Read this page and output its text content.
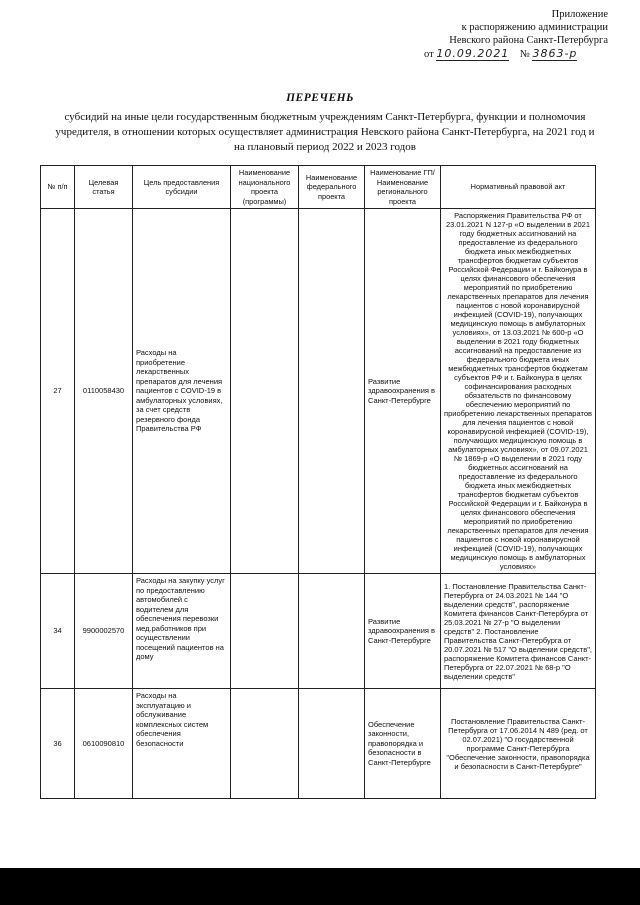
Приложение
к распоряжению администрации
Невского района Санкт-Петербурга
от 10.09.2021 № 3863-р
ПЕРЕЧЕНЬ
субсидий на иные цели государственным бюджетным учреждениям Санкт-Петербурга, функции и полномочия учредителя, в отношении которых осуществляет администрация Невского района Санкт-Петербурга, на 2021 год и на плановый период 2022 и 2023 годов
№ п/п	Целевая статья	Цель предоставления субсидии	Наименование национального проекта (программы)	Наименование федерального проекта	Наименование ГП/Наименование регионального проекта	Нормативный правовой акт
27	0110058430	Расходы на приобретение лекарственных препаратов для лечения пациентов с COVID-19 в амбулаторных условиях, за счет средств резервного фонда Правительства РФ			Развитие здравоохранения в Санкт-Петербурге	Распоряжения Правительства РФ от 23.01.2021 N 127-р «О выделении в 2021 году бюджетных ассигнований на предоставление из федерального бюджета иных межбюджетных трансфертов бюджетам субъектов Российской Федерации и г. Байконура в целях финансового обеспечения мероприятий по приобретению лекарственных препаратов для лечения пациентов с новой коронавирусной инфекцией (COVID-19), получающих медицинскую помощь в амбулаторных условиях», от 13.03.2021 № 600-р «О выделении в 2021 году бюджетных ассигнований на предоставление из федерального бюджета иных межбюджетных трансфертов бюджетам субъектов РФ и г. Байконура в целях софинансирования расходных обязательств по финансовому обеспечению мероприятий по приобретению лекарственных препаратов для лечения пациентов с новой коронавирусной инфекцией (COVID-19), получающих медицинскую помощь в амбулаторных условиях», от 09.07.2021 № 1869-р «О выделении в 2021 году бюджетных ассигнований на предоставление из федерального бюджета иных межбюджетных трансфертов бюджетам субъектов Российской Федерации и г. Байконура в целях финансового обеспечения мероприятий по приобретению лекарственных препаратов для лечения пациентов с новой коронавирусной инфекцией (COVID-19), получающих медицинскую помощь в амбулаторных условиях»
34	9900002570	Расходы на закупку услуг по предоставлению автомобилей с водителем для обеспечения перевозки мед.работников при осуществлении посещений пациентов на дому			Развитие здравоохранения в Санкт-Петербурге	1. Постановление Правительства Санкт-Петербурга от 24.03.2021 № 144 "О выделении средств", распоряжение Комитета финансов Санкт-Петербурга от 25.03.2021 № 27-р "О выделении средств" 2. Постановление Правительства Санкт-Петербурга от 20.07.2021 № 517 "О выделении средств", распоряжение Комитета финансов Санкт-Петербурга от 22.07.2021 № 68-р "О выделении средств"
36	0610090810	Расходы на эксплуатацию и обслуживание комплексных систем обеспечения безопасности			Обеспечение законности, правопорядка и безопасности в Санкт-Петербурге	Постановление Правительства Санкт-Петербурга от 17.06.2014 N 489 (ред. от 02.07.2021) "О государственной программе Санкт-Петербурга "Обеспечение законности, правопорядка и безопасности в Санкт-Петербурге"
